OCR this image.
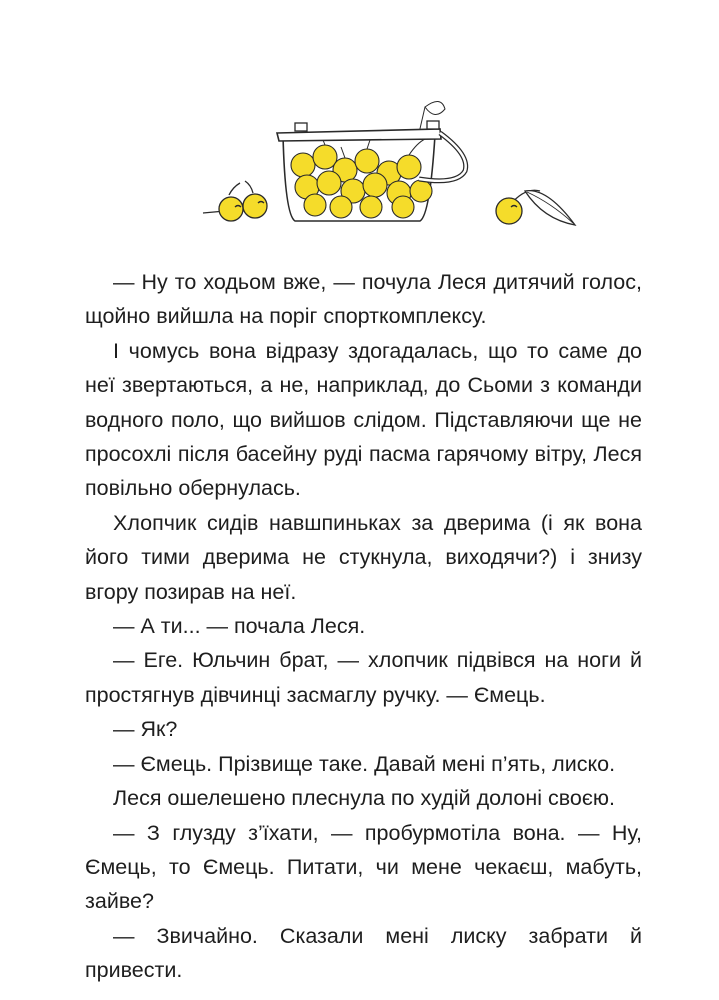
— Ну то ходьом вже, — почула Леся дитячий голос, щойно вийшла на поріг спорткомплексу.

І чомусь вона відразу здогадалась, що то саме до неї звертаються, а не, наприклад, до Сьоми з команди водного поло, що вийшов слідом. Підставляючи ще не просохлі після басейну руді пасма гарячому вітру, Леся повільно обернулась.

Хлопчик сидів навшпиньках за дверима (і як вона його тими дверима не стукнула, виходячи?) і знизу вгору позирав на неї.

— А ти... — почала Леся.

— Еге. Юльчин брат, — хлопчик підвівся на ноги й простягнув дівчинці засмаглу ручку. — Ємець.

— Як?

— Ємець. Прізвище таке. Давай мені п’ять, лиско.

Леся ошелешено плеснула по худій долоні своєю.

— З глузду з’їхати, — пробурмотіла вона. — Ну, Ємець, то Ємець. Питати, чи мене чекаєш, мабуть, зайве?

— Звичайно. Сказали мені лиску забрати й привести.
